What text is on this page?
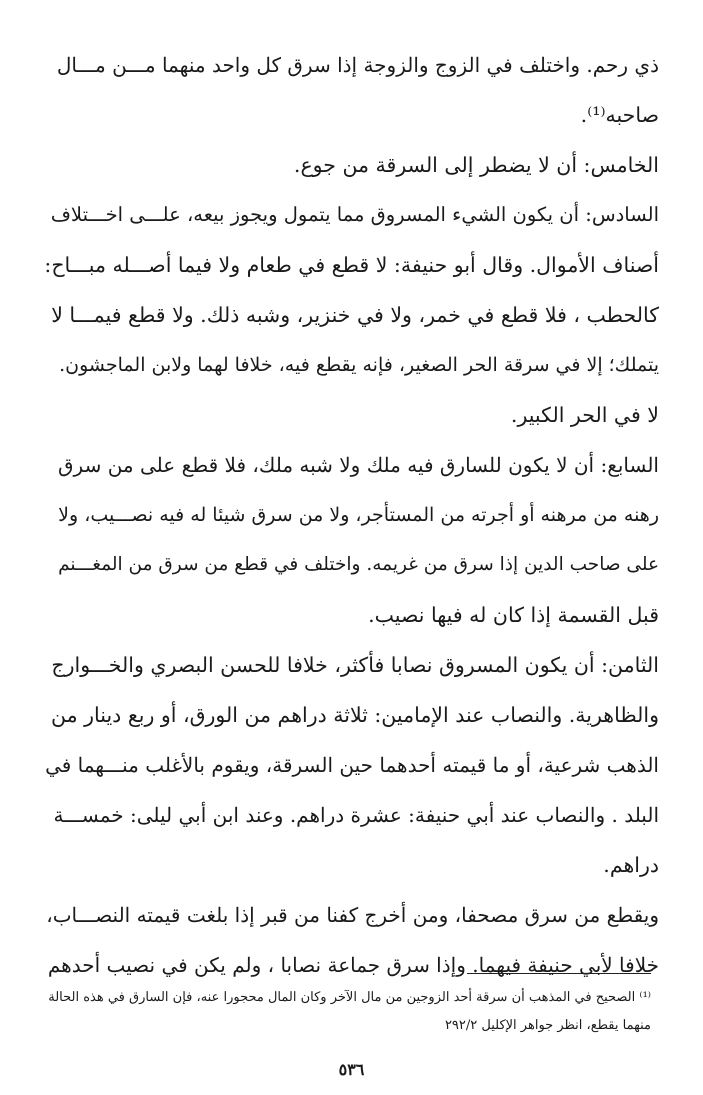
ذي رحم. واختلف في الزوج والزوجة إذا سرق كل واحد منهما مـــن مـــال
صاحبه⁽¹⁾.
الخامس: أن لا يضطر إلى السرقة من جوع.
السادس: أن يكون الشيء المسروق مما يتمول ويجوز بيعه، علـــى اخـــتلاف
أصناف الأموال. وقال أبو حنيفة: لا قطع في طعام ولا فيما أصـــله مبـــاح:
كالحطب ، فلا قطع في خمر، ولا في خنزير، وشبه ذلك. ولا قطع فيمـــا لا
يتملك؛ إلا في سرقة الحر الصغير، فإنه يقطع فيه، خلافا لهما ولابن الماجشون.
لا في الحر الكبير.
السابع: أن لا يكون للسارق فيه ملك ولا شبه ملك، فلا قطع على من سرق
رهنه من مرهنه أو أجرته من المستأجر، ولا من سرق شيئا له فيه نصـــيب، ولا
على صاحب الدين إذا سرق من غريمه. واختلف في قطع من سرق من المغـــنم
قبل القسمة إذا كان له فيها نصيب.
الثامن: أن يكون المسروق نصابا فأكثر، خلافا للحسن البصري والخـــوارج
والظاهرية. والنصاب عند الإمامين: ثلاثة دراهم من الورق، أو ربع دينار من
الذهب شرعية، أو ما قيمته أحدهما حين السرقة، ويقوم بالأغلب منـــهما في
البلد . والنصاب عند أبي حنيفة: عشرة دراهم. وعند ابن أبي ليلى: خمســـة
دراهم.
ويقطع من سرق مصحفا، ومن أخرج كفنا من قبر إذا بلغت قيمته النصـــاب،
خلافا لأبي حنيفة فيهما. وإذا سرق جماعة نصابا ، ولم يكن في نصيب أحدهم
⁽¹⁾ الصحيح في المذهب أن سرقة أحد الزوجين من مال الآخر وكان المال محجورا عنه، فإن السارق في هذه الحالة
منهما يقطع، انظر جواهر الإكليل ٢٩٢/٢
٥٣٦
